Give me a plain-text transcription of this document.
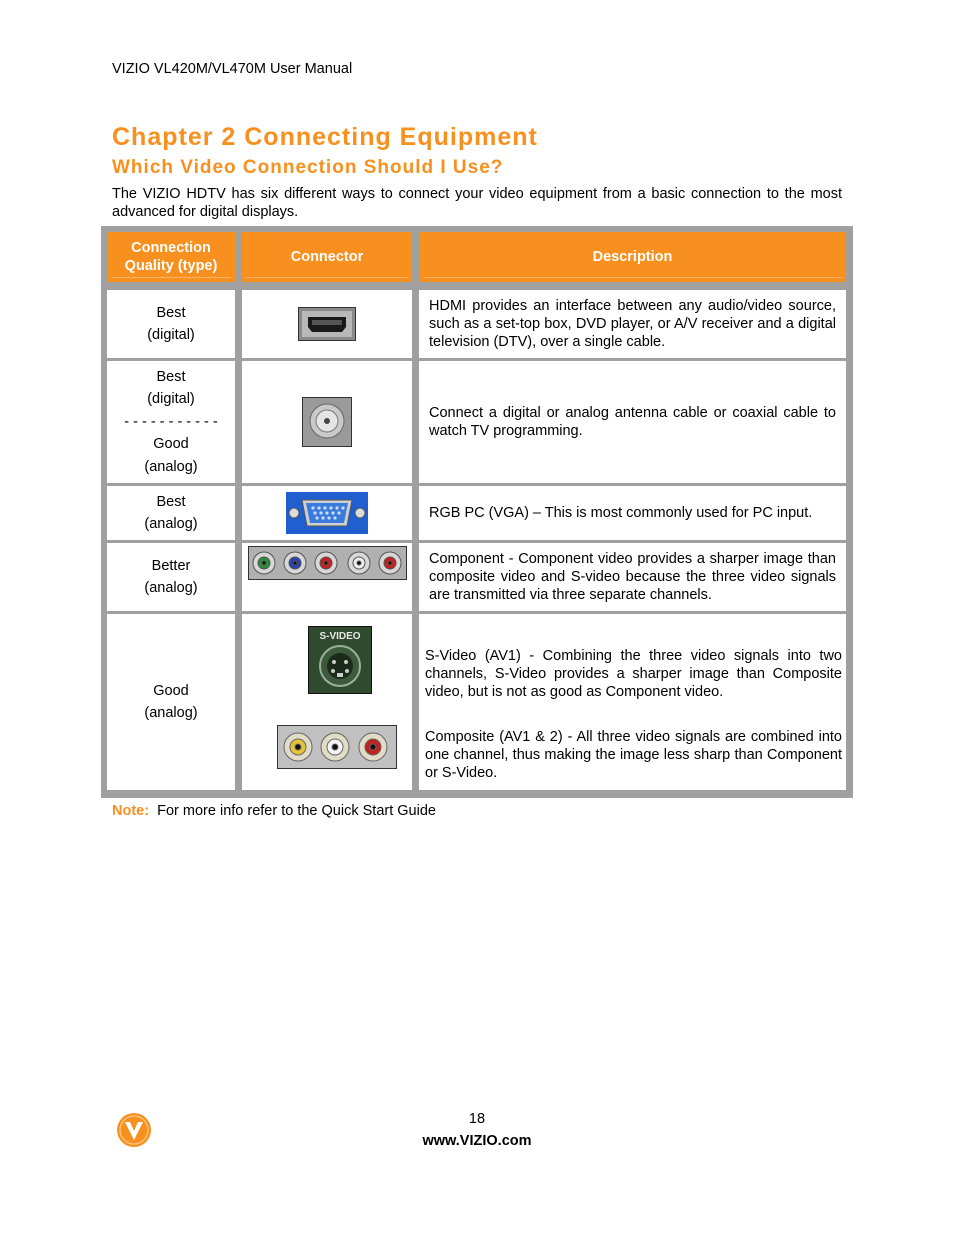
VIZIO VL420M/VL470M User Manual
Chapter 2 Connecting Equipment
Which Video Connection Should I Use?
The VIZIO HDTV has six different ways to connect your video equipment from a basic connection to the most advanced for digital displays.
Connection
Quality (type)
Connector	Description
Best
(digital)
HDMI provides an interface between any audio/video source, such as a set-top box, DVD player, or A/V receiver and a digital television (DTV), over a single cable.
Best
(digital)
- - - - - - - - - - -
Good
(analog)
Connect a digital or analog antenna cable or coaxial cable to watch TV programming.
Best
(analog)
RGB PC (VGA) – This is most commonly used for PC input.
Better
(analog)
Component - Component video provides a sharper image than composite video and S-video because the three video signals are transmitted via three separate channels.
Good
(analog)
S-VIDEO
S-Video (AV1) - Combining the three video signals into two channels, S-Video provides a sharper image than Composite video, but is not as good as Component video.
Composite (AV1 & 2) - All three video signals are combined into one channel, thus making the image less sharp than Component or S-Video.
Note: For more info refer to the Quick Start Guide
18
www.VIZIO.com
